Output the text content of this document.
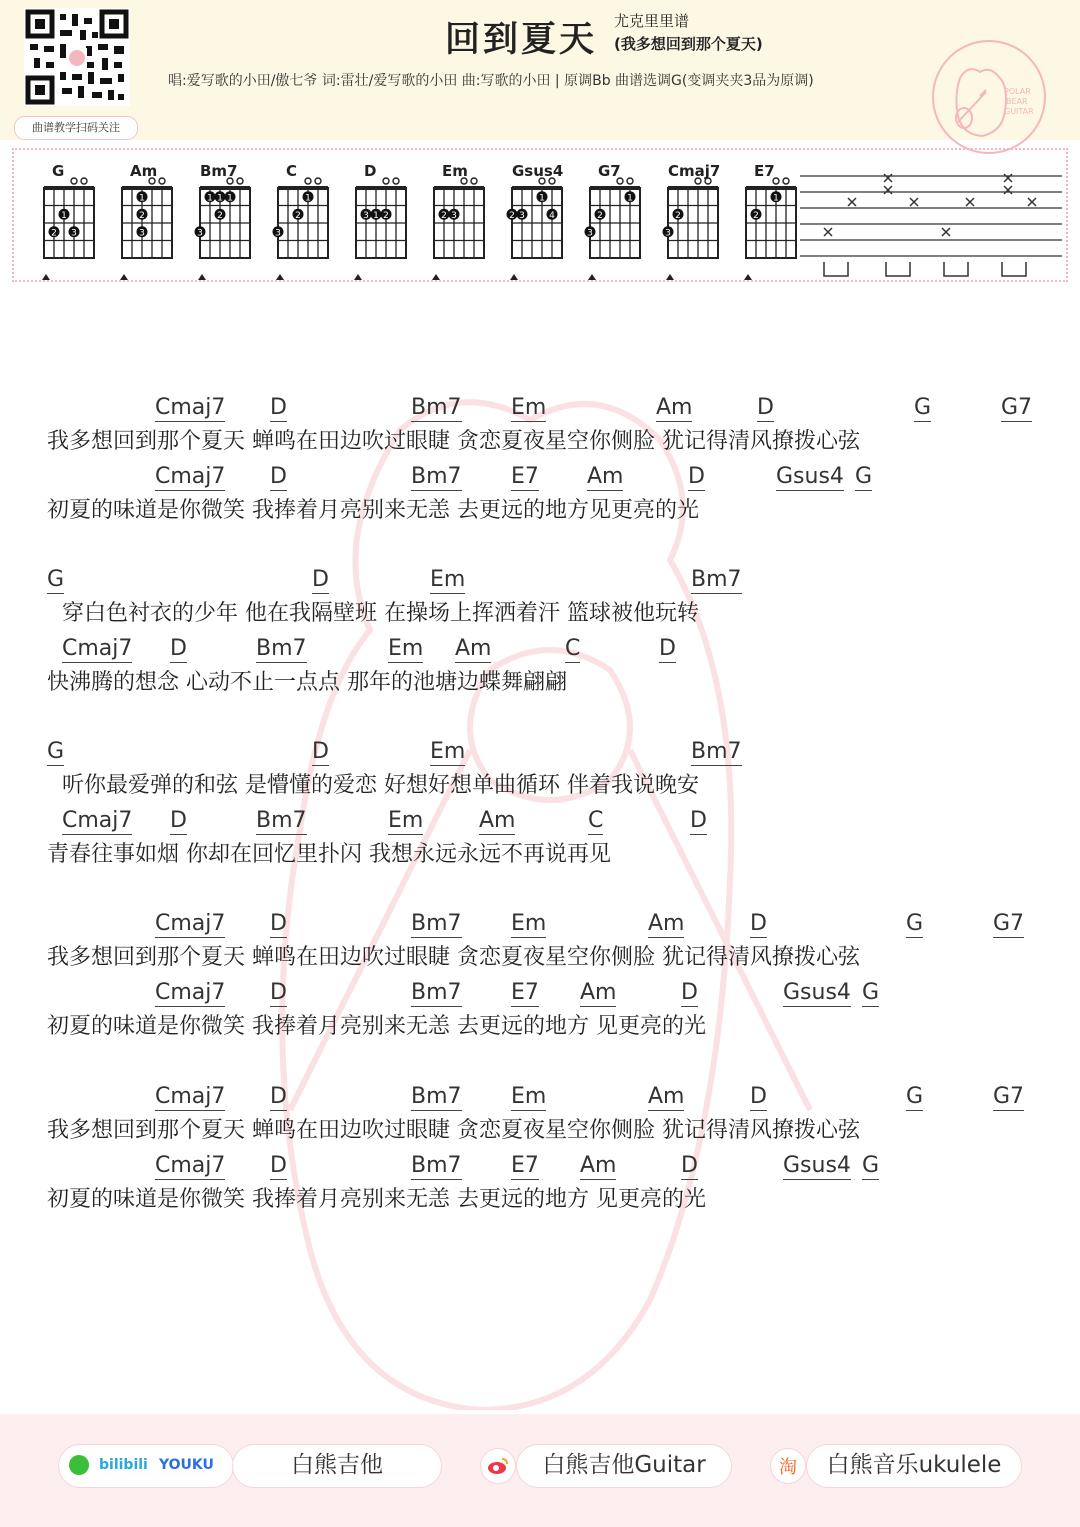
曲谱教学扫码关注
回到夏天 尤克里里谱
(我多想回到那个夏天)
唱:爱写歌的小田/傲七爷 词:雷壮/爱写歌的小田 曲:写歌的小田 | 原调Bb 曲谱选调G(变调夹夹3品为原调)
POLAR
BEAR
GUITAR
G
1
2 3
Am
1
2
3
Bm7
1 1 1
2
3
C
1
2
3
D
1 2
3
Em
2 3
Gsus4
1
2 3	4
G7
1
2
3
Cmaj7
2
3
E7
1
2
Cmaj7 D	Bm7 Em	Am	D	G	G7
我多想回到那个夏天 蝉鸣在田边吹过眼睫 贪恋夏夜星空你侧脸 犹记得清风撩拨心弦
Cmaj7 D	Bm7 E7 Am	D	Gsus4 G
初夏的味道是你微笑 我捧着月亮别来无恙 去更远的地方见更亮的光
G	D	Em	Bm7
穿白色衬衣的少年 他在我隔壁班 在操场上挥洒着汗 篮球被他玩转
Cmaj7 D	Bm7	Em Am	C	D
快沸腾的想念 心动不止一点点 那年的池塘边蝶舞翩翩
G	D	Em	Bm7
听你最爱弹的和弦 是懵懂的爱恋 好想好想单曲循环 伴着我说晚安
Cmaj7 D	Bm7	Em	Am	C	D
青春往事如烟 你却在回忆里扑闪 我想永远永远不再说再见
Cmaj7 D	Bm7 Em	Am	D	G	G7
我多想回到那个夏天 蝉鸣在田边吹过眼睫 贪恋夏夜星空你侧脸 犹记得清风撩拨心弦
Cmaj7 D	Bm7 E7 Am	D	Gsus4 G
初夏的味道是你微笑 我捧着月亮别来无恙 去更远的地方 见更亮的光
Cmaj7 D	Bm7 Em	Am	D	G	G7
我多想回到那个夏天 蝉鸣在田边吹过眼睫 贪恋夏夜星空你侧脸 犹记得清风撩拨心弦
Cmaj7 D	Bm7 E7 Am	D	Gsus4 G
初夏的味道是你微笑 我捧着月亮别来无恙 去更远的地方 见更亮的光
bilibili YOUKU	白熊吉他	白熊吉他Guitar	淘	白熊音乐ukulele
